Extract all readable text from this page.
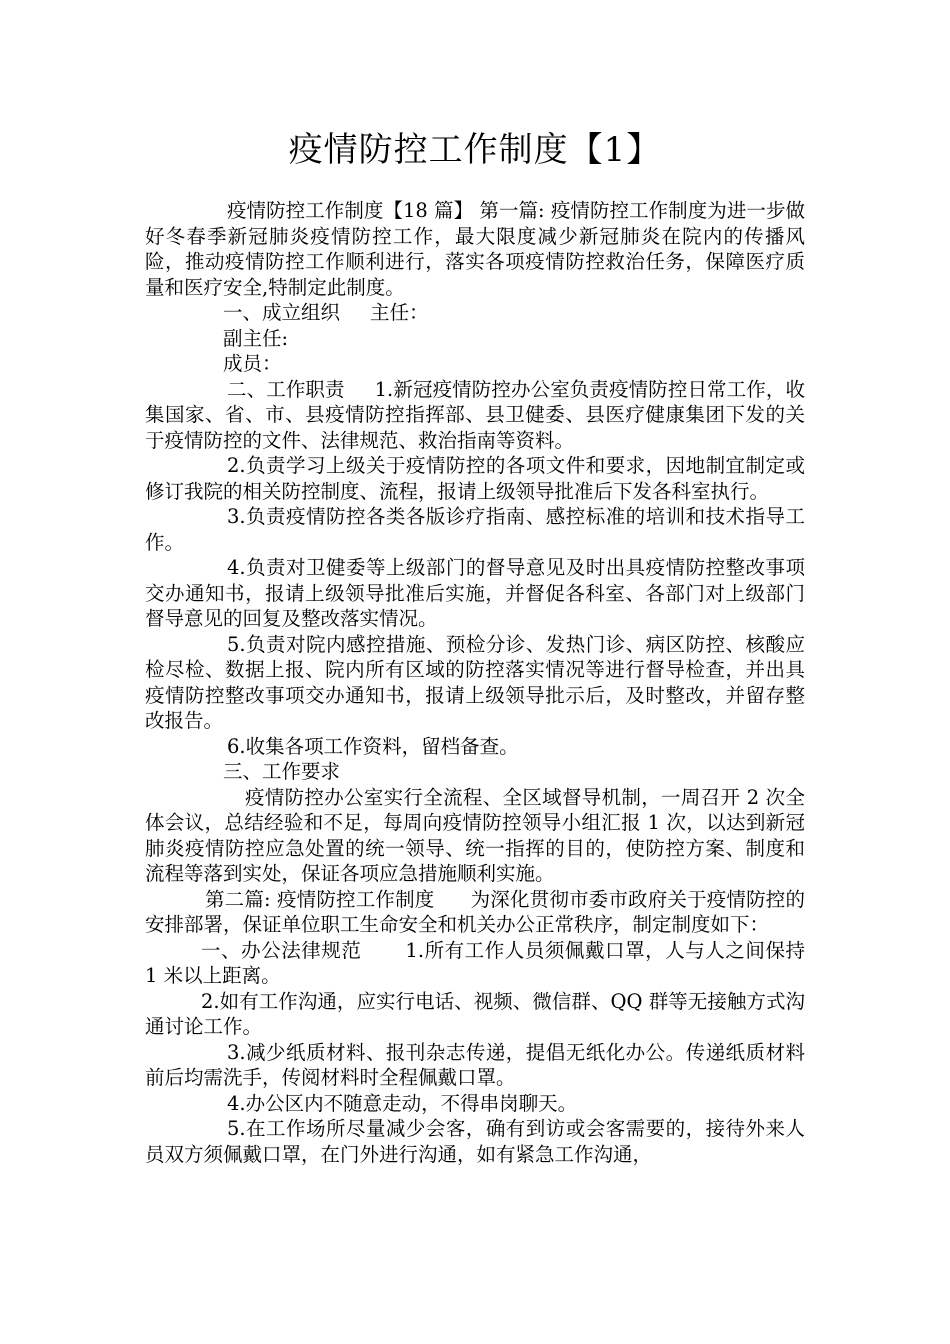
疫情防控工作制度【1】

疫情防控工作制度【18 篇】 第一篇: 疫情防控工作制度为进一步做好冬春季新冠肺炎疫情防控工作，最大限度减少新冠肺炎在院内的传播风险，推动疫情防控工作顺利进行，落实各项疫情防控救治任务，保障医疗质量和医疗安全,特制定此制度。

一、成立组织 主任：

副主任:

成员：

二、工作职责 1.新冠疫情防控办公室负责疫情防控日常工作，收集国家、省、市、县疫情防控指挥部、县卫健委、县医疗健康集团下发的关于疫情防控的文件、法律规范、救治指南等资料。

2.负责学习上级关于疫情防控的各项文件和要求，因地制宜制定或修订我院的相关防控制度、流程，报请上级领导批准后下发各科室执行。

3.负责疫情防控各类各版诊疗指南、感控标准的培训和技术指导工作。

4.负责对卫健委等上级部门的督导意见及时出具疫情防控整改事项交办通知书，报请上级领导批准后实施，并督促各科室、各部门对上级部门督导意见的回复及整改落实情况。

5.负责对院内感控措施、预检分诊、发热门诊、病区防控、核酸应检尽检、数据上报、院内所有区域的防控落实情况等进行督导检查，并出具疫情防控整改事项交办通知书，报请上级领导批示后，及时整改，并留存整改报告。

6.收集各项工作资料，留档备查。

三、工作要求

疫情防控办公室实行全流程、全区域督导机制，一周召开 2 次全体会议，总结经验和不足，每周向疫情防控领导小组汇报 1 次，以达到新冠肺炎疫情防控应急处置的统一领导、统一指挥的目的，使防控方案、制度和流程等落到实处，保证各项应急措施顺利实施。

第二篇: 疫情防控工作制度 为深化贯彻市委市政府关于疫情防控的安排部署，保证单位职工生命安全和机关办公正常秩序，制定制度如下：

一、办公法律规范 1.所有工作人员须佩戴口罩，人与人之间保持 1 米以上距离。

2.如有工作沟通，应实行电话、视频、微信群、QQ 群等无接触方式沟通讨论工作。

3.减少纸质材料、报刊杂志传递，提倡无纸化办公。传递纸质材料前后均需洗手，传阅材料时全程佩戴口罩。

4.办公区内不随意走动，不得串岗聊天。

5.在工作场所尽量减少会客，确有到访或会客需要的，接待外来人员双方须佩戴口罩，在门外进行沟通，如有紧急工作沟通，
